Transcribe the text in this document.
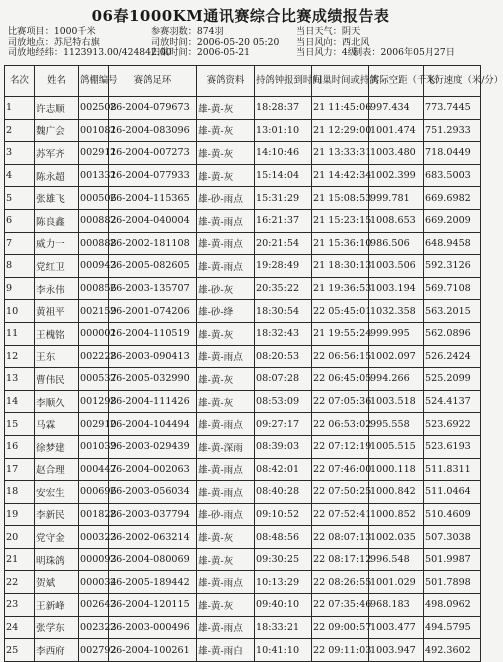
06春1000KM通讯赛综合比赛成绩报告表
比赛项目：1000千米	参赛羽数：874羽	当日天气：阴天
司放地点：苏尼特右旗	司放时间：2006-05-20 05:20 当日风向：西北风
司放地经纬：1123913.00/424842.00
归巢时间：2006-05-21	当日风力：4级
制表：2006年05月27日
名次	姓名	鸽棚编号	赛鸽足环	赛鸽资料	持鸽钟报到时间	归巢时间或持鸽	实际空距（千米）	飞行速度（米/分）
1	许志顺	002508	26-2004-079673	雄-黄-灰	18:28:37	21 11:45:06	997.434	773.7445
2	魏广会	001081	26-2004-083096	雄-黄-灰	13:01:10	21 12:29:00	1001.474	751.2933
3	苏军齐	002911	26-2004-007273	雄-黄-灰	14:10:46	21 13:33:31	1003.480	718.0449
4	陈永超	001331	26-2004-077933	雄-黄-灰	15:14:04	21 14:42:34	1002.399	683.5003
5	张雄飞	000506	26-2004-115365	雄-砂-雨点	15:31:29	21 15:08:53	999.781	669.6982
6	陈良鑫	000882	26-2004-040004	雄-黄-雨点	16:21:37	21 15:23:15	1008.653	669.2009
7	威力一	000888	26-2002-181108	雄-黄-雨点	20:21:54	21 15:36:10	986.506	648.9458
8	党红卫	000943	26-2005-082605	雄-黄-雨点	19:28:49	21 18:30:13	1003.506	592.3126
9	李永伟	000856	26-2003-135707	雄-砂-灰	20:35:22	21 19:36:53	1003.194	569.7108
10	黄祖平	002159	26-2001-074206	雄-砂-绛	18:30:54	22 05:45:01	1032.358	563.2015
11	王槐铭	000001	26-2004-110519	雄-黄-灰	18:32:43	21 19:55:24	999.995	562.0896
12	王东	002228	26-2003-090413	雄-黄-雨点	08:20:53	22 06:56:15	1002.097	526.2424
13	曹伟民	000537	26-2005-032990	雄-黄-灰	08:07:28	22 06:45:05	994.266	525.2099
14	李顺久	001298	26-2004-111426	雄-黄-灰	08:53:09	22 07:05:36	1003.518	524.4137
15	马霖	002910	26-2004-104494	雄-黄-雨点	09:27:17	22 06:53:02	995.558	523.6922
16	徐梦建	001039	26-2003-029439	雄-黄-深雨	08:39:03	22 07:12:19	1005.515	523.6193
17	赵合理	000447	26-2004-002063	雄-黄-雨点	08:42:01	22 07:46:00	1000.118	511.8311
18	安宏生	000696	26-2003-056034	雄-黄-雨点	08:40:28	22 07:50:25	1000.842	511.0464
19	李新民	001828	26-2003-037794	雄-砂-雨点	09:10:52	22 07:52:41	1000.852	510.4609
20	党守金	000323	26-2002-063214	雄-黄-灰	08:48:56	22 08:07:13	1002.035	507.3038
21	明珠鸽	000093	26-2004-080069	雄-黄-灰	09:30:25	22 08:17:12	996.548	501.9987
22	贺斌	000034	26-2005-189442	雄-黄-雨点	10:13:29	22 08:26:55	1001.029	501.7898
23	王新峰	002643	26-2004-120115	雄-黄-灰	09:40:10	22 07:35:46	968.183	498.0962
24	张学东	002323	26-2003-000496	雄-黄-雨点	18:33:21	22 09:00:57	1003.477	494.5795
25	李西府	002792	26-2004-100261	雄-黄-雨白	10:41:10	22 09:11:03	1003.947	492.3602
